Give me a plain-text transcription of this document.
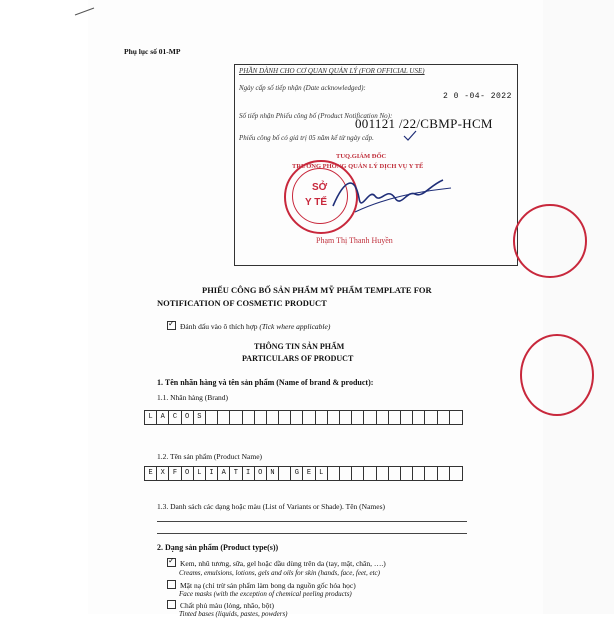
Phụ lục số 01-MP
PHẦN DÀNH CHO CƠ QUAN QUẢN LÝ (FOR OFFICIAL USE)
Ngày cấp số tiếp nhận (Date acknowledged):
2 0 -04- 2022
Số tiếp nhận Phiếu công bố (Product Notification No):
001121 /22/CBMP-HCM
Phiếu công bố có giá trị 05 năm kể từ ngày cấp.
TUQ.GIÁM ĐỐC
TRƯỞNG PHÒNG QUẢN LÝ DỊCH VỤ Y TẾ
SỞ
Y TẾ
Phạm Thị Thanh Huyền
PHIẾU CÔNG BỐ SẢN PHẨM MỸ PHẨM TEMPLATE FOR
NOTIFICATION OF COSMETIC PRODUCT
✓Đánh dấu vào ô thích hợp (Tick where applicable)
THÔNG TIN SẢN PHẨM
PARTICULARS OF PRODUCT
1. Tên nhãn hàng và tên sản phẩm (Name of brand & product):
1.1. Nhãn hàng (Brand)
L	A	C	O	S
1.2. Tên sản phẩm (Product Name)
E	X	F	O	L	I	A	T	I	O	N	G	E	L
1.3. Danh sách các dạng hoặc màu (List of Variants or Shade). Tên (Names)
2. Dạng sản phẩm (Product type(s))
✓Kem, nhũ tương, sữa, gel hoặc dầu dùng trên da (tay, mặt, chân, ….)
Creams, emulsions, lotions, gels and oils for skin (hands, face, feet, etc)
Mặt nạ (chỉ trừ sản phẩm làm bong da nguồn gốc hóa học)
Face masks (with the exception of chemical peeling products)
Chất phủ màu (lỏng, nhão, bột)
Tinted bases (liquids, pastes, powders)
